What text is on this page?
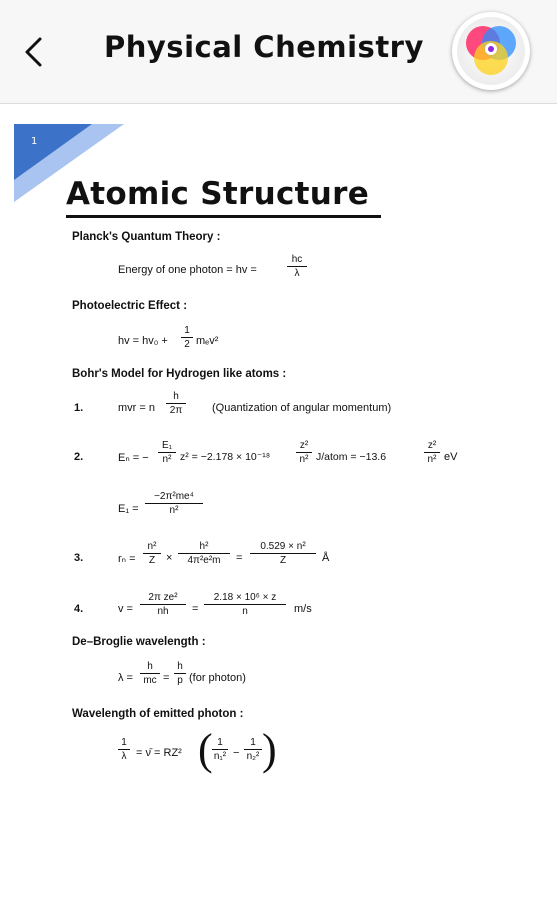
Physical Chemistry
1
Atomic Structure
Planck's Quantum Theory :
Energy of one photon = hv =	$\frac{hc}{\lambda}$
Photoelectric Effect :
hv = $hv_0 + \frac{1}{2} m_ev^2$
Bohr's Model for Hydrogen like atoms :
1.	mvr = n $\frac{h}{2\pi}$ (Quantization of angular momentum)
2.	Eₙ = − $\frac{\text{E₁}}{\text{n²}} z^2 = -2.178 \times 10^{-18}$	$\frac{\text{z²}}{\text{n²}}$ J/atom = −13.6	$\frac{\text{z²}}{\text{n²}}$ eV
$E_1 = \frac{\text{−2π²me⁴}}{\text{n²}}$
3.	$r_n = \frac{\text{n²}}{Z} \times \frac{\text{h²}}{\text{4π²e²m}} = \frac{\text{0.529 × n²}}{Z}$ Å
4.	$v = \frac{\text{2π ze²}}{nh} = \frac{\text{2.18 × 10⁶ × z}}{n} m/s$
De–Broglie wavelength :
$\lambda = \frac{h}{mc} = \frac{h}{p} (for$ photon)
Wavelength of emitted photon :
$\frac{1}{\lambda}$ = ν̄ = RZ² ( $\frac{1}{\text{n₁²}} - \frac{1}{\text{n₂²}}$ )
